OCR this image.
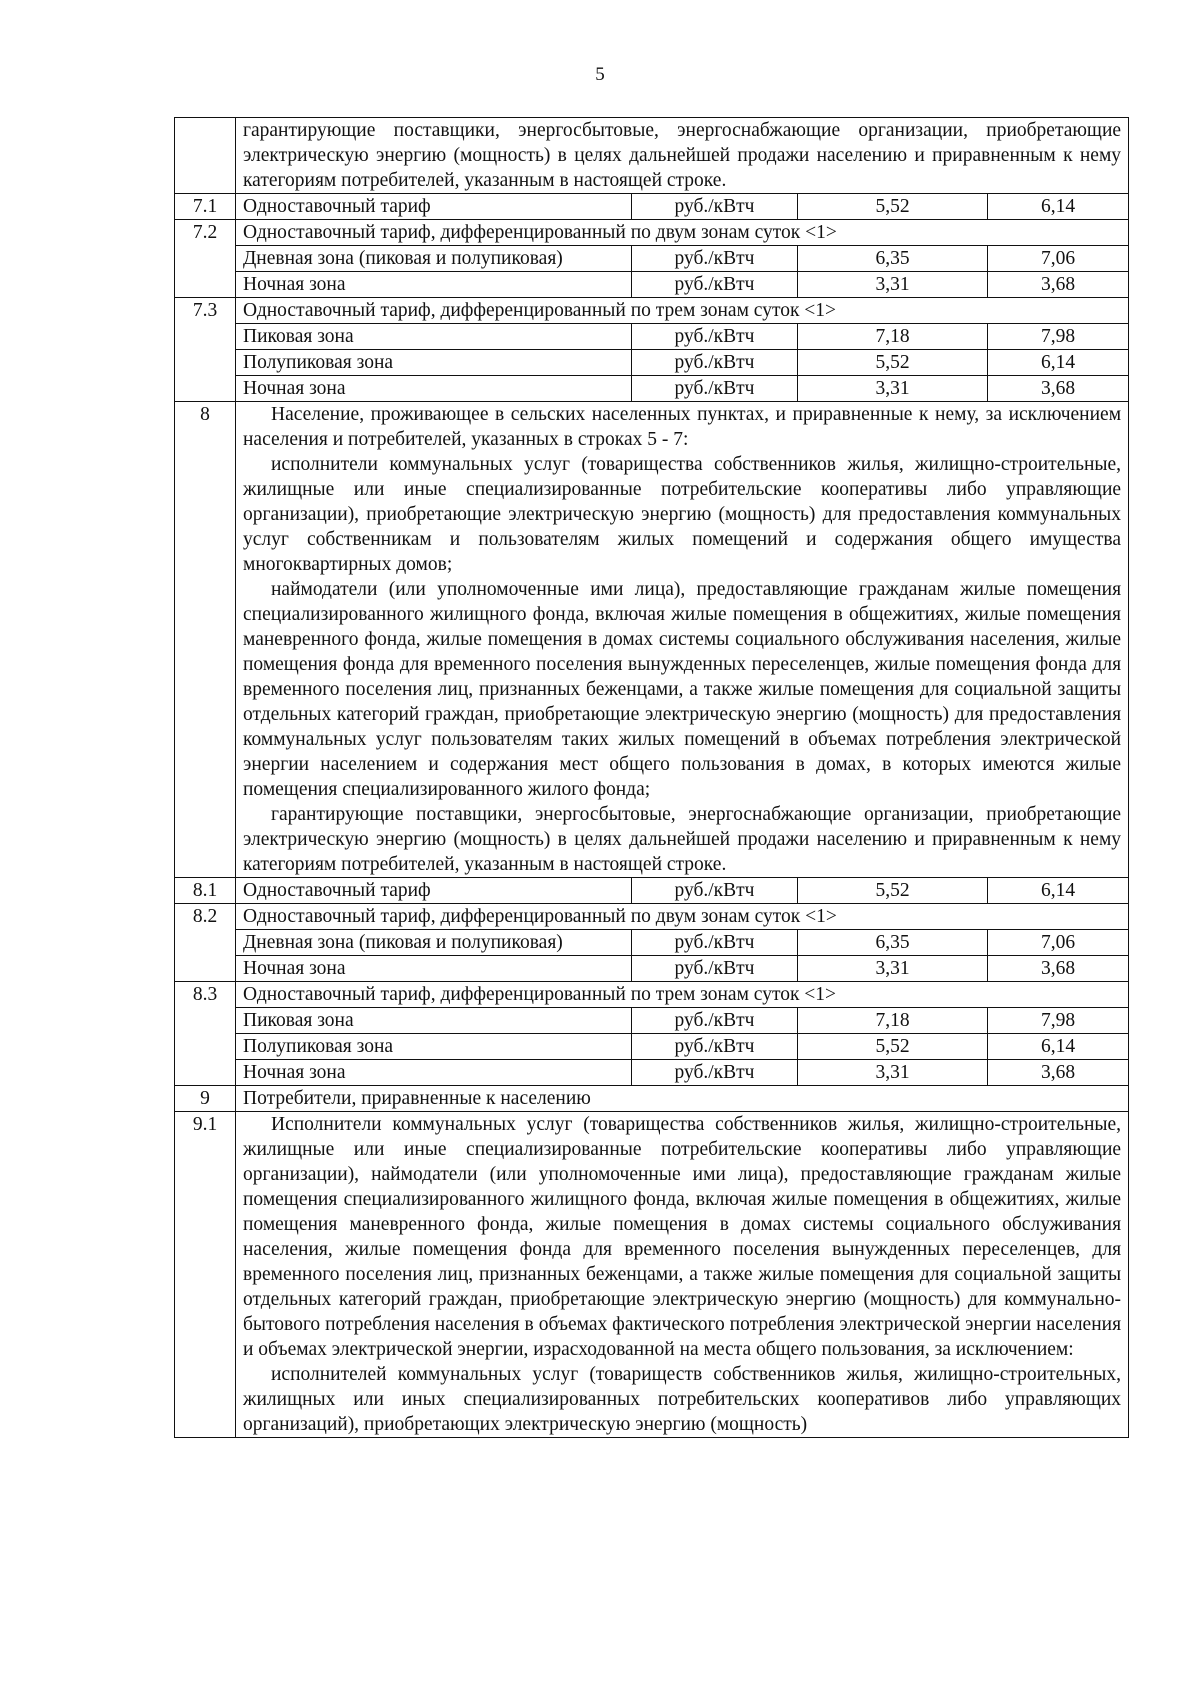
5

	гарантирующие поставщики, энергосбытовые, энергоснабжающие организации, приобретающие электрическую энергию (мощность) в целях дальнейшей продажи населению и приравненным к нему категориям потребителей, указанным в настоящей строке.			

7.1	Одноставочный тариф	руб./кВтч	5,52	6,14
7.2	Одноставочный тариф, дифференцированный по двум зонам суток <1>			
	Дневная зона (пиковая и полупиковая)	руб./кВтч	6,35	7,06
	Ночная зона	руб./кВтч	3,31	3,68
7.3	Одноставочный тариф, дифференцированный по трем зонам суток <1>			
	Пиковая зона	руб./кВтч	7,18	7,98
	Полупиковая зона	руб./кВтч	5,52	6,14
	Ночная зона	руб./кВтч	3,31	3,68
8	Население, проживающее в сельских населенных пунктах, и приравненные к нему, за исключением населения и потребителей, указанных в строках 5 - 7:

исполнители коммунальных услуг (товарищества собственников жилья, жилищно-строительные, жилищные или иные специализированные потребительские кооперативы либо управляющие организации), приобретающие электрическую энергию (мощность) для предоставления коммунальных услуг собственникам и пользователям жилых помещений и содержания общего имущества многоквартирных домов;

наймодатели (или уполномоченные ими лица), предоставляющие гражданам жилые помещения специализированного жилищного фонда, включая жилые помещения в общежитиях, жилые помещения маневренного фонда, жилые помещения в домах системы социального обслуживания населения, жилые помещения фонда для временного поселения вынужденных переселенцев, жилые помещения фонда для временного поселения лиц, признанных беженцами, а также жилые помещения для социальной защиты отдельных категорий граждан, приобретающие электрическую энергию (мощность) для предоставления коммунальных услуг пользователям таких жилых помещений в объемах потребления электрической энергии населением и содержания мест общего пользования в домах, в которых имеются жилые помещения специализированного жилого фонда;

гарантирующие поставщики, энергосбытовые, энергоснабжающие организации, приобретающие электрическую энергию (мощность) в целях дальнейшей продажи населению и приравненным к нему категориям потребителей, указанным в настоящей строке.			

8.1	Одноставочный тариф	руб./кВтч	5,52	6,14
8.2	Одноставочный тариф, дифференцированный по двум зонам суток <1>			
	Дневная зона (пиковая и полупиковая)	руб./кВтч	6,35	7,06
	Ночная зона	руб./кВтч	3,31	3,68
8.3	Одноставочный тариф, дифференцированный по трем зонам суток <1>			
	Пиковая зона	руб./кВтч	7,18	7,98
	Полупиковая зона	руб./кВтч	5,52	6,14
	Ночная зона	руб./кВтч	3,31	3,68
9	Потребители, приравненные к населению			
9.1	Исполнители коммунальных услуг (товарищества собственников жилья, жилищно-строительные, жилищные или иные специализированные потребительские кооперативы либо управляющие организации), наймодатели (или уполномоченные ими лица), предоставляющие гражданам жилые помещения специализированного жилищного фонда, включая жилые помещения в общежитиях, жилые помещения маневренного фонда, жилые помещения в домах системы социального обслуживания населения, жилые помещения фонда для временного поселения вынужденных переселенцев, для временного поселения лиц, признанных беженцами, а также жилые помещения для социальной защиты отдельных категорий граждан, приобретающие электрическую энергию (мощность) для коммунально-бытового потребления населения в объемах фактического потребления электрической энергии населения и объемах электрической энергии, израсходованной на места общего пользования, за исключением:

исполнителей коммунальных услуг (товариществ собственников жилья, жилищно-строительных, жилищных или иных специализированных потребительских кооперативов либо управляющих организаций), приобретающих электрическую энергию (мощность)			
